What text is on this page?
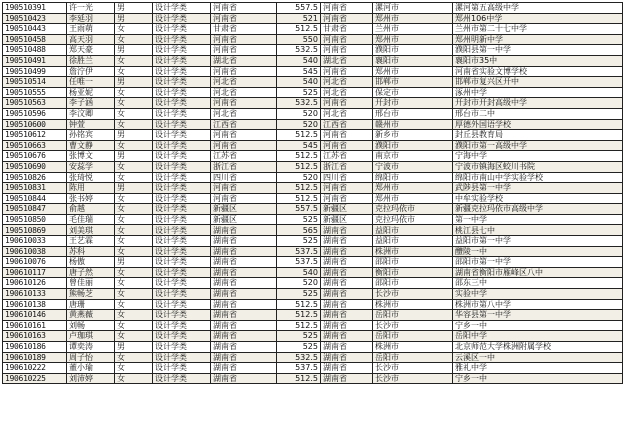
190510391	许一光	男	设计学类	河南省	557.5	河南省	漯河市	漯河第五高级中学
190510423	李延羽	男	设计学类	河南省	521	河南省	郑州市	郑州106中学
190510443	王雨萌	女	设计学类	甘肃省	512.5	甘肃省	兰州市	兰州市第二十七中学
190510458	高天羽	女	设计学类	河南省	550	河南省	郑州市	郑州明新中学
190510488	郑天豪	男	设计学类	河南省	532.5	河南省	濮阳市	濮阳县第一中学
190510491	徐胜兰	女	设计学类	湖北省	540	湖北省	襄阳市	襄阳市35中
190510499	詹泞伊	女	设计学类	河南省	545	河南省	郑州市	河南省实验文博学校
190510514	任唯一	男	设计学类	河北省	540	河北省	邯郸市	邯郸市复兴区开中
190510555	杨亚妮	女	设计学类	河北省	525	河北省	保定市	涿州中学
190510563	李子涵	女	设计学类	河南省	532.5	河南省	开封市	开封市开封高级中学
190510596	李汶卿	女	设计学类	河北省	520	河北省	邢台市	邢台市二中
190510600	钟萱	女	设计学类	江西省	520	江西省	赣州市	厚德外国语学校
190510612	孙铭宾	男	设计学类	河南省	512.5	河南省	新乡市	封丘县教育局
190510663	曹文静	女	设计学类	河南省	545	河南省	濮阳市	濮阳市第一高级中学
190510676	张博文	男	设计学类	江苏省	512.5	江苏省	南京市	宁海中学
190510690	安蕊学	女	设计学类	浙江省	512.5	浙江省	宁波市	宁波市镇海区蛟川书院
190510826	张琦悦	女	设计学类	四川省	520	四川省	绵阳市	绵阳市南山中学实验学校
190510831	陈用	男	设计学类	河南省	512.5	河南省	郑州市	武陟县第一中学
190510844	张书婷	女	设计学类	河南省	512.5	河南省	郑州市	中牟实验学校
190510847	俞越	女	设计学类	新疆区	557.5	新疆区	克拉玛依市	新疆克拉玛依市高级中学
190510850	毛佳瑞	女	设计学类	新疆区	525	新疆区	克拉玛依市	第一中学
190510869	刘美琪	女	设计学类	湖南省	565	湖南省	益阳市	桃江县七中
190610033	王艺霖	女	设计学类	湖南省	525	湖南省	益阳市	益阳市第一中学
190610038	苏科	女	设计学类	湖南省	537.5	湖南省	株洲市	醴陵一中
190610076	杨傲	男	设计学类	湖南省	537.5	湖南省	邵阳市	邵阳市第一中学
190610117	唐子然	女	设计学类	湖南省	540	湖南省	衡阳市	湖南省衡阳市雁峰区八中
190610126	曾佳丽	女	设计学类	湖南省	520	湖南省	邵阳市	邵东三中
190610133	熊畅芝	女	设计学类	湖南省	525	湖南省	长沙市	实验中学
190610138	唐珊	女	设计学类	湖南省	512.5	湖南省	株洲市	株洲市第八中学
190610146	黄燕薇	女	设计学类	湖南省	512.5	湖南省	岳阳市	华容县第一中学
190610161	刘畅	女	设计学类	湖南省	512.5	湖南省	长沙市	宁乡一中
190610163	卢珈琪	女	设计学类	湖南省	525	湖南省	岳阳市	岳阳中学
190610186	谭奕涛	男	设计学类	湖南省	525	湖南省	株洲市	北京师范大学株洲附属学校
190610189	周子怡	女	设计学类	湖南省	532.5	湖南省	岳阳市	云溪区一中
190610222	董小瑜	女	设计学类	湖南省	537.5	湖南省	长沙市	雅礼中学
190610225	刘沛婷	女	设计学类	湖南省	512.5	湖南省	长沙市	宁乡一中
